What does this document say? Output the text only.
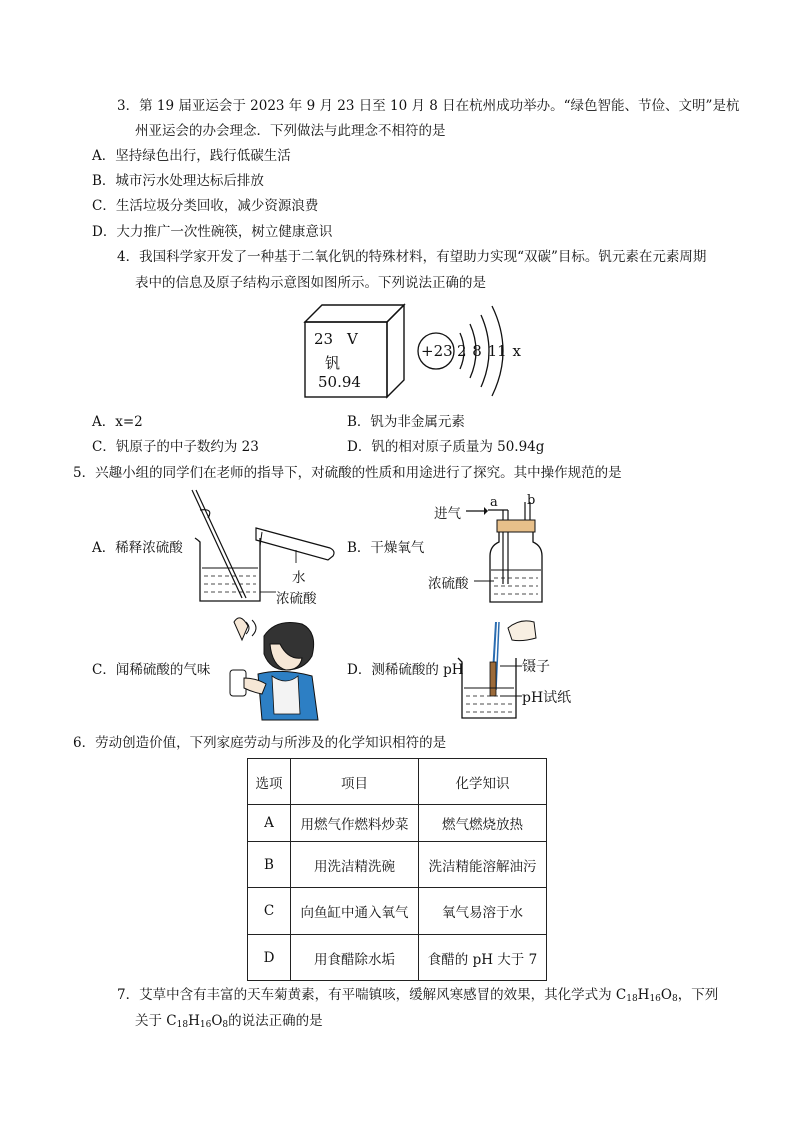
3．第 19 届亚运会于 2023 年 9 月 23 日至 10 月 8 日在杭州成功举办。“绿色智能、节俭、文明”是杭
州亚运会的办会理念．下列做法与此理念不相符的是
A．坚持绿色出行，践行低碳生活
B．城市污水处理达标后排放
C．生活垃圾分类回收，减少资源浪费
D．大力推广一次性碗筷，树立健康意识
4．我国科学家开发了一种基于二氧化钒的特殊材料，有望助力实现“双碳”目标。钒元素在元素周期
表中的信息及原子结构示意图如图所示。下列说法正确的是
23 V
钒
50.94
+23 2 8 11 x
A．x=2	B．钒为非金属元素
C．钒原子的中子数约为 23	D．钒的相对原子质量为 50.94g
5．兴趣小组的同学们在老师的指导下，对硫酸的性质和用途进行了探究。其中操作规范的是
A．稀释浓硫酸
水
浓硫酸
B．干燥氧气
进气
a b
浓硫酸
C．闻稀硫酸的气味	D．测稀硫酸的 pH	镊子
pH试纸
6．劳动创造价值，下列家庭劳动与所涉及的化学知识相符的是
选项	项目	化学知识
A	用燃气作燃料炒菜	燃气燃烧放热
B	用洗洁精洗碗	洗洁精能溶解油污
C	向鱼缸中通入氧气	氧气易溶于水
D	用食醋除水垢	食醋的 pH 大于 7
7．艾草中含有丰富的天车菊黄素，有平喘镇咳，缓解风寒感冒的效果，其化学式为 $C_{18}H_{16}O_8$，下列
关于 $C_{18}H_{16}O_8$的说法正确的是
